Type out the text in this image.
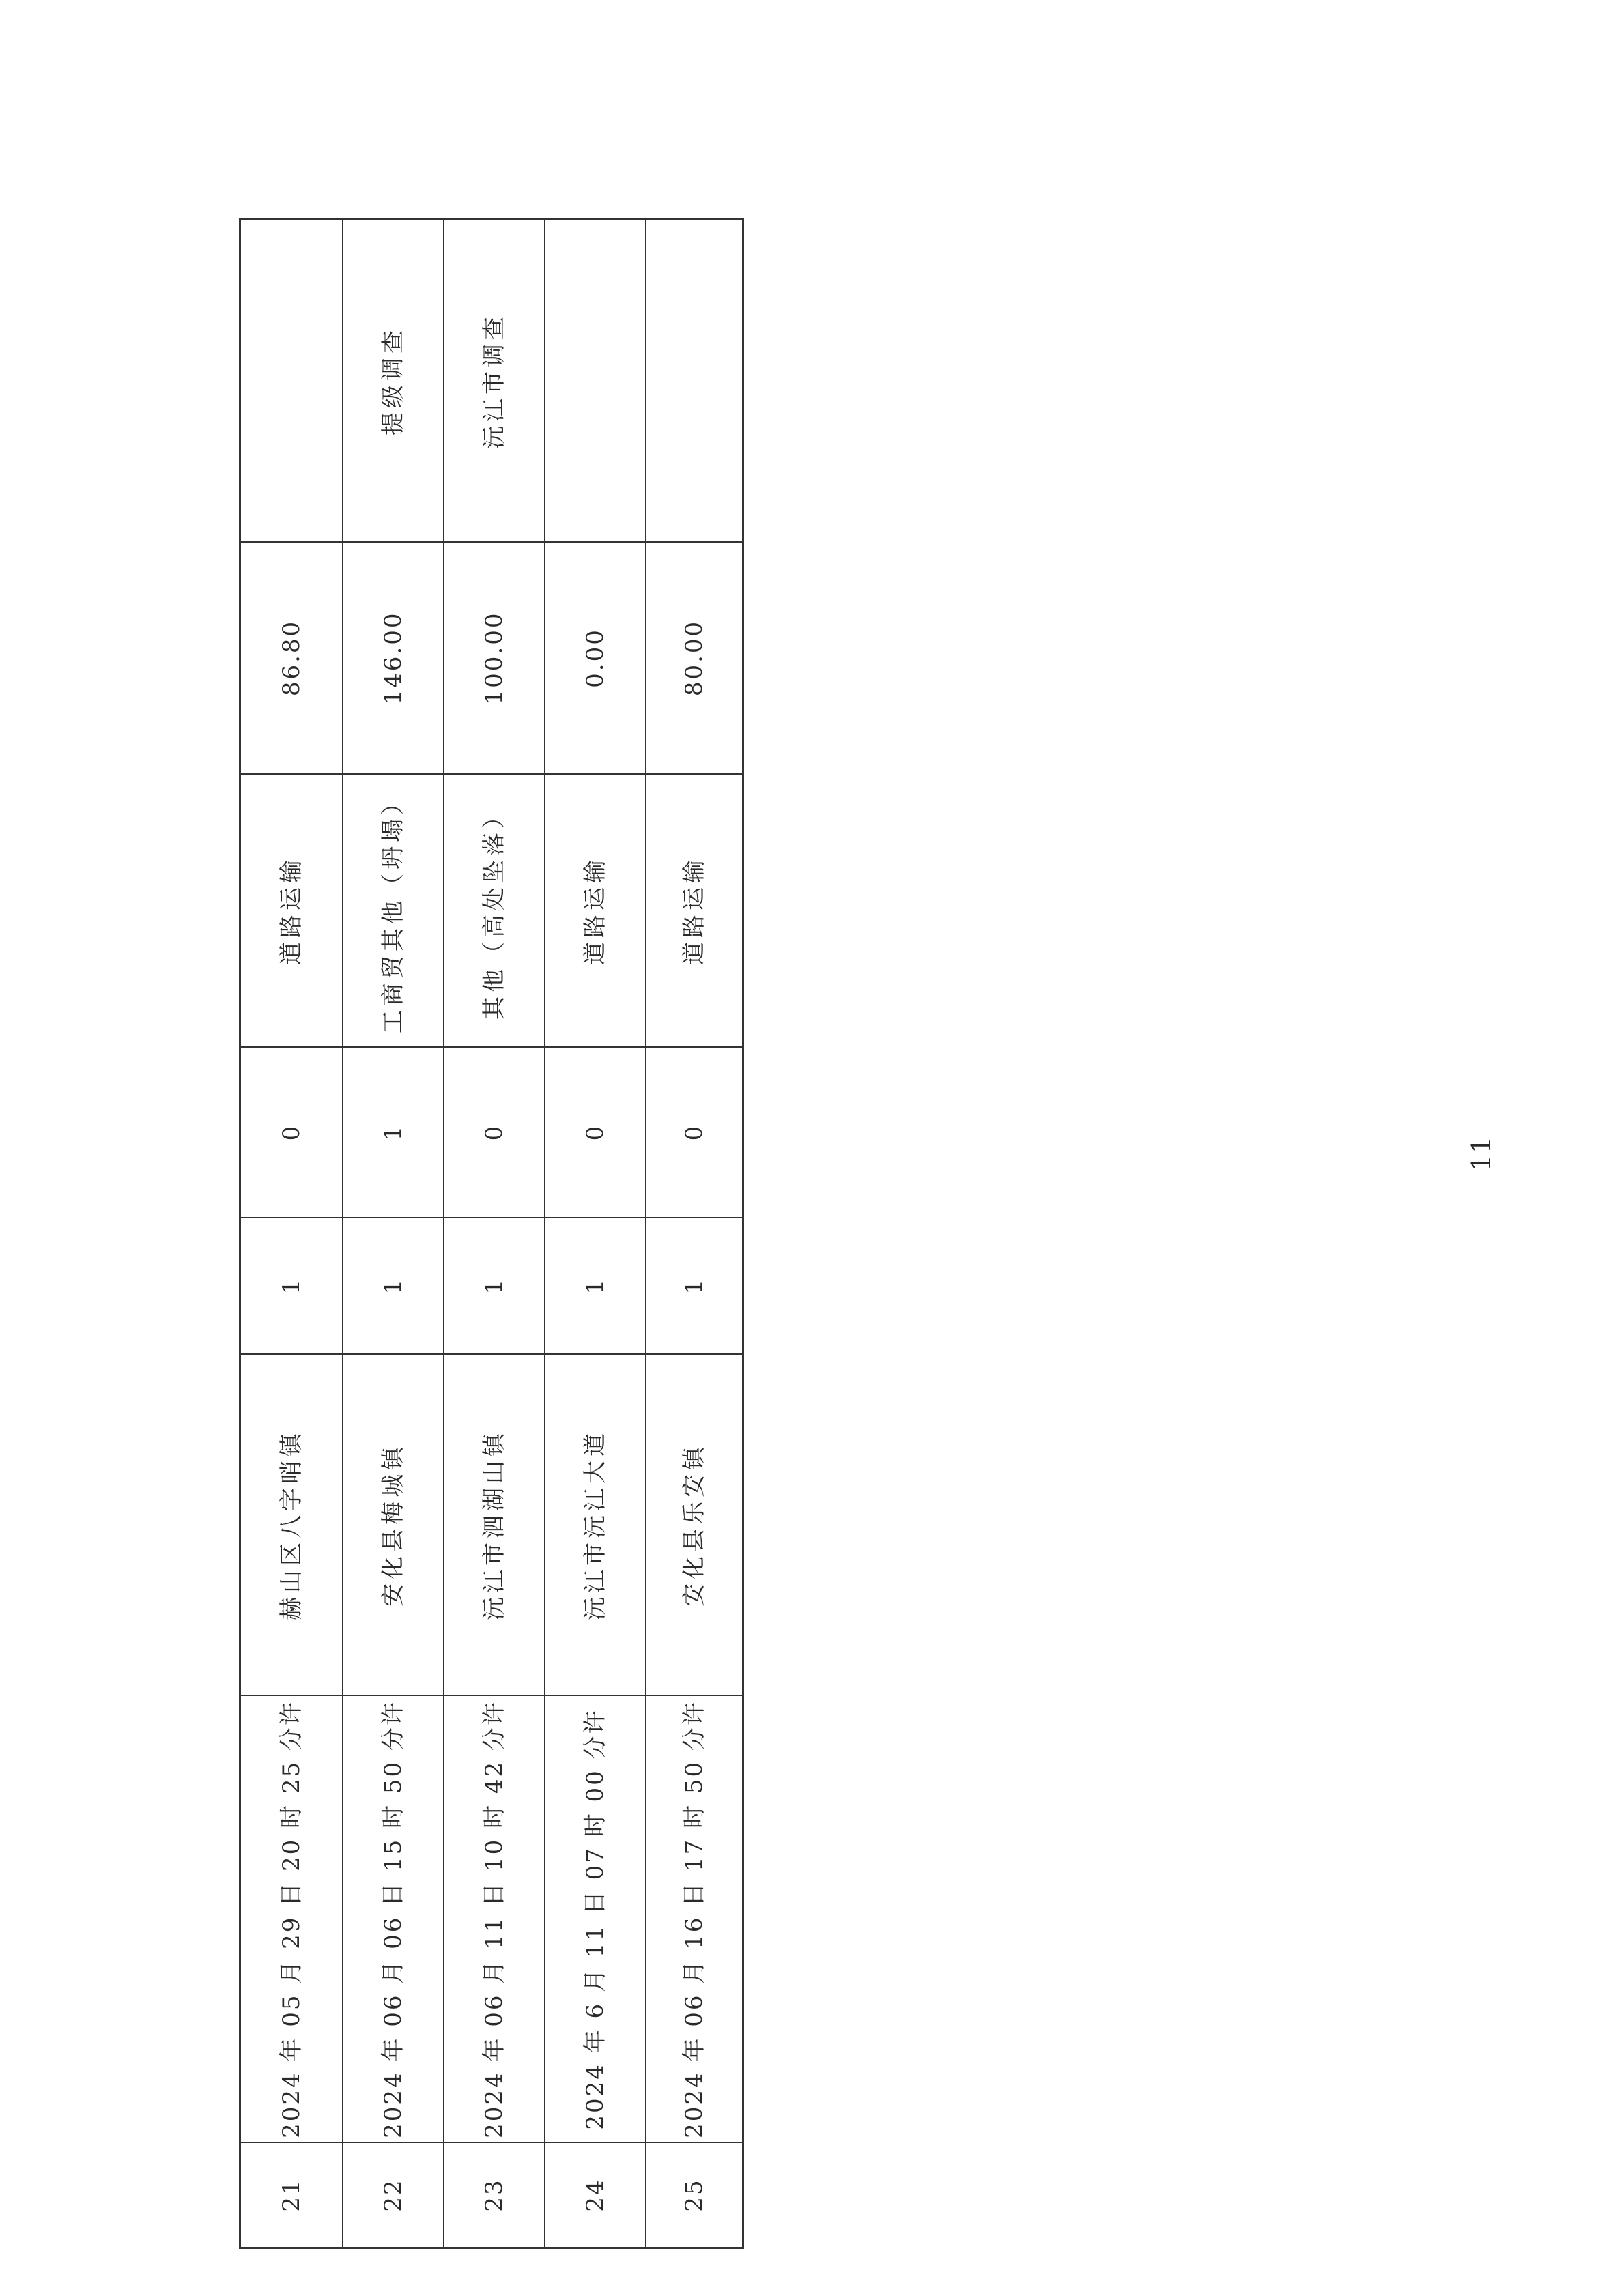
86.80
道路运输
0
1
赫山区八字哨镇
2024 年 05 月 29 日 20 时 25 分许
21
提级调查
146.00
工商贸其他（坍塌）
1
1
安化县梅城镇
2024 年 06 月 06 日 15 时 50 分许
22
沅江市调查
100.00
其他（高处坠落）
0
1
沅江市泗湖山镇
2024 年 06 月 11 日 10 时 42 分许
23
0.00
道路运输
0
1
沅江市沅江大道
2024 年 6 月 11 日 07 时 00 分许
24
80.00
道路运输
0
1
安化县乐安镇
2024 年 06 月 16 日 17 时 50 分许
25
11
